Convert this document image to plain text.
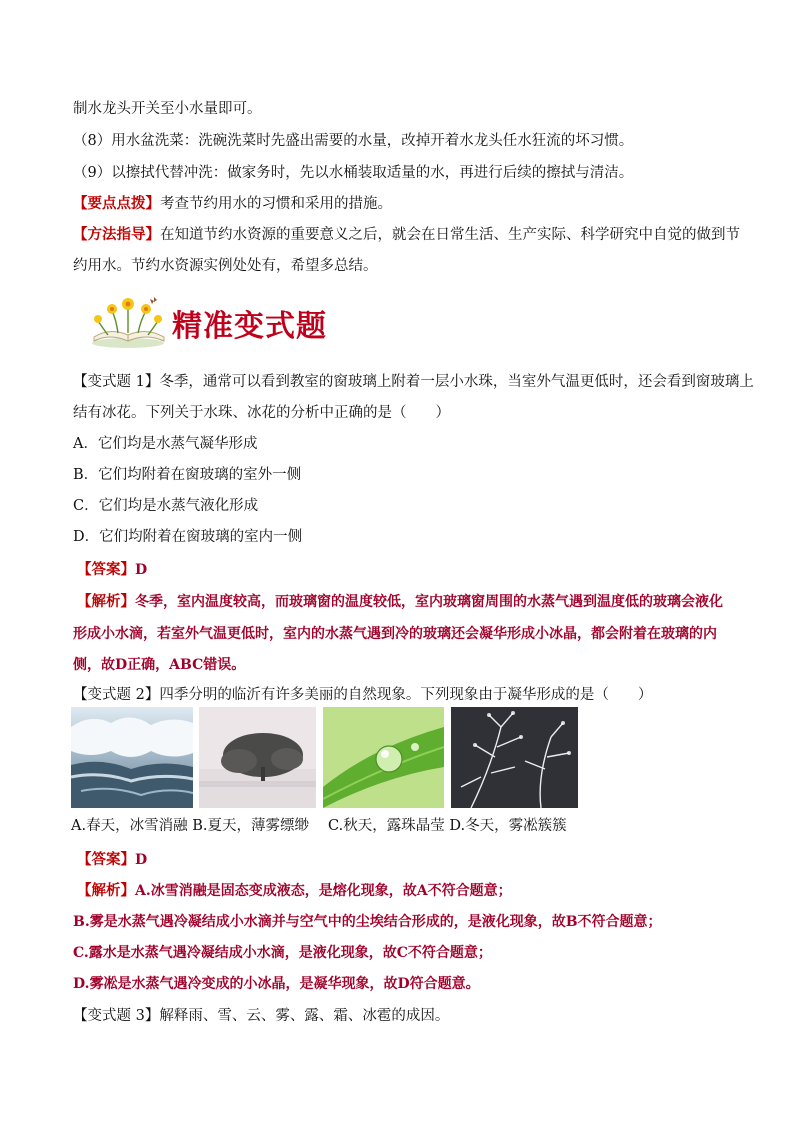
制水龙头开关至小水量即可。
（8）用水盆洗菜：洗碗洗菜时先盛出需要的水量，改掉开着水龙头任水狂流的坏习惯。
（9）以擦拭代替冲洗：做家务时，先以水桶装取适量的水，再进行后续的擦拭与清洁。
【要点点拨】考查节约用水的习惯和采用的措施。
【方法指导】在知道节约水资源的重要意义之后，就会在日常生活、生产实际、科学研究中自觉的做到节
约用水。节约水资源实例处处有，希望多总结。
精准变式题
【变式题 1】冬季，通常可以看到教室的窗玻璃上附着一层小水珠，当室外气温更低时，还会看到窗玻璃上
结有冰花。下列关于水珠、冰花的分析中正确的是（　　）
A．它们均是水蒸气凝华形成
B．它们均附着在窗玻璃的室外一侧
C．它们均是水蒸气液化形成
D．它们均附着在窗玻璃的室内一侧
【答案】D
【解析】冬季，室内温度较高，而玻璃窗的温度较低，室内玻璃窗周围的水蒸气遇到温度低的玻璃会液化
形成小水滴，若室外气温更低时，室内的水蒸气遇到冷的玻璃还会凝华形成小冰晶，都会附着在玻璃的内
侧，故D正确，ABC错误。
【变式题 2】四季分明的临沂有许多美丽的自然现象。下列现象由于凝华形成的是（　　）
A.春天，冰雪消融 B.夏天，薄雾缥缈　 C.秋天，露珠晶莹 D.冬天，雾凇簇簇
【答案】D
【解析】A.冰雪消融是固态变成液态，是熔化现象，故A不符合题意；
B.雾是水蒸气遇冷凝结成小水滴并与空气中的尘埃结合形成的，是液化现象，故B不符合题意；
C.露水是水蒸气遇冷凝结成小水滴，是液化现象，故C不符合题意；
D.雾凇是水蒸气遇冷变成的小冰晶，是凝华现象，故D符合题意。
【变式题 3】解释雨、雪、云、雾、露、霜、冰雹的成因。
